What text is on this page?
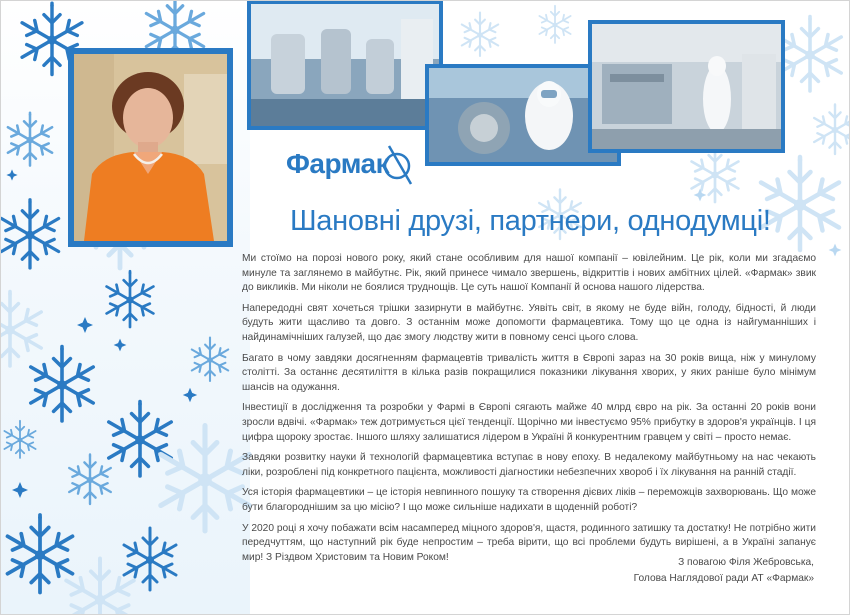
Фармак
Шановні друзі, партнери, однодумці!

Ми стоїмо на порозі нового року, який стане особливим для нашої компанії – ювілейним. Це рік, коли ми згадаємо минуле та заглянемо в майбутнє. Рік, який принесе чимало звершень, відкриттів і нових амбітних цілей. «Фармак» звик до викликів. Ми ніколи не боялися труднощів. Це суть нашої Компанії й основа нашого лідерства.

Напередодні свят хочеться трішки зазирнути в майбутнє. Уявіть світ, в якому не буде війн, голоду, бідності, й люди будуть жити щасливо та довго. З останнім може допомогти фармацевтика. Тому що це одна із найгуманніших і найдинамічніших галузей, що дає змогу людству жити в повному сенсі цього слова.

Багато в чому завдяки досягненням фармацевтів тривалість життя в Європі зараз на 30 років вища, ніж у минулому столітті. За останнє десятиліття в кілька разів покращилися показники лікування хворих, у яких раніше було мінімум шансів на одужання.

Інвестиції в дослідження та розробки у Фармі в Європі сягають майже 40 млрд євро на рік. За останні 20 років вони зросли вдвічі. «Фармак» теж дотримується цієї тенденції. Щорічно ми інвестуємо 95% прибутку в здоров'я українців. І ця цифра щороку зростає. Іншого шляху залишатися лідером в Україні й конкурентним гравцем у світі – просто немає.

Завдяки розвитку науки й технологій фармацевтика вступає в нову епоху. В недалекому майбутньому на нас чекають ліки, розроблені під конкретного пацієнта, можливості діагностики небезпечних хвороб і їх лікування на ранній стадії.

Уся історія фармацевтики – це історія невпинного пошуку та створення дієвих ліків – переможців захворювань. Що може бути благороднішим за цю місію? І що може сильніше надихати в щоденній роботі?

У 2020 році я хочу побажати всім насамперед міцного здоров'я, щастя, родинного затишку та достатку! Не потрібно жити передчуттям, що наступний рік буде непростим – треба вірити, що всі проблеми будуть вирішені, а в Україні запанує мир! З Різдвом Христовим та Новим Роком!	З повагою Філя Жебровська,
Голова Наглядової ради АТ «Фармак»
